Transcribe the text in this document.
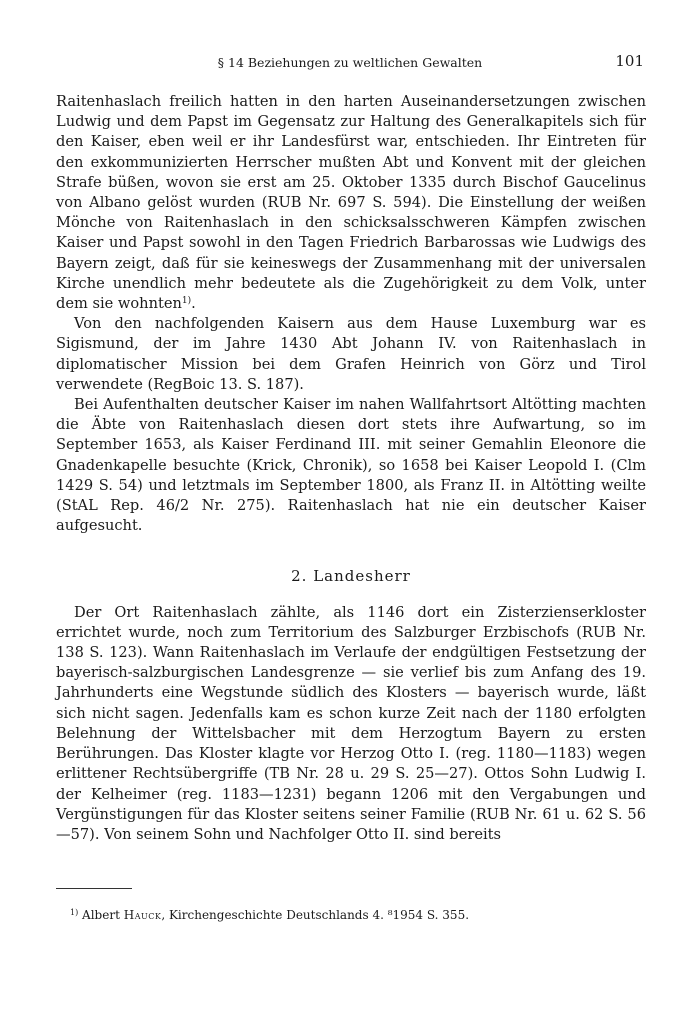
§ 14 Beziehungen zu weltlichen Gewalten	101

Raitenhaslach freilich hatten in den harten Auseinandersetzungen zwischen Ludwig und dem Papst im Gegensatz zur Haltung des Generalkapitels sich für den Kaiser, eben weil er ihr Landesfürst war, entschieden. Ihr Eintreten für den exkommunizierten Herrscher mußten Abt und Konvent mit der gleichen Strafe büßen, wovon sie erst am 25. Oktober 1335 durch Bischof Gaucelinus von Albano gelöst wurden (RUB Nr. 697 S. 594). Die Einstellung der weißen Mönche von Raitenhaslach in den schicksalsschweren Kämpfen zwischen Kaiser und Papst sowohl in den Tagen Friedrich Barbarossas wie Ludwigs des Bayern zeigt, daß für sie keineswegs der Zusammenhang mit der universalen Kirche unendlich mehr bedeutete als die Zugehörigkeit zu dem Volk, unter dem sie wohnten$^{1)}$.

Von den nachfolgenden Kaisern aus dem Hause Luxemburg war es Sigismund, der im Jahre 1430 Abt Johann IV. von Raitenhaslach in diplomatischer Mission bei dem Grafen Heinrich von Görz und Tirol verwendete (RegBoic 13. S. 187).

Bei Aufenthalten deutscher Kaiser im nahen Wallfahrtsort Altötting machten die Äbte von Raitenhaslach diesen dort stets ihre Aufwartung, so im September 1653, als Kaiser Ferdinand III. mit seiner Gemahlin Eleonore die Gnadenkapelle besuchte (Krick, Chronik), so 1658 bei Kaiser Leopold I. (Clm 1429 S. 54) und letztmals im September 1800, als Franz II. in Altötting weilte (StAL Rep. 46/2 Nr. 275). Raitenhaslach hat nie ein deutscher Kaiser aufgesucht.

2. Landesherr

Der Ort Raitenhaslach zählte, als 1146 dort ein Zisterzienserkloster errichtet wurde, noch zum Territorium des Salzburger Erzbischofs (RUB Nr. 138 S. 123). Wann Raitenhaslach im Verlaufe der endgültigen Festsetzung der bayerisch-salzburgischen Landesgrenze — sie verlief bis zum Anfang des 19. Jahrhunderts eine Wegstunde südlich des Klosters — bayerisch wurde, läßt sich nicht sagen. Jedenfalls kam es schon kurze Zeit nach der 1180 erfolgten Belehnung der Wittelsbacher mit dem Herzogtum Bayern zu ersten Berührungen. Das Kloster klagte vor Herzog Otto I. (reg. 1180—1183) wegen erlittener Rechtsübergriffe (TB Nr. 28 u. 29 S. 25—27). Ottos Sohn Ludwig I. der Kelheimer (reg. 1183—1231) begann 1206 mit den Vergabungen und Vergünstigungen für das Kloster seitens seiner Familie (RUB Nr. 61 u. 62 S. 56—57). Von seinem Sohn und Nachfolger Otto II. sind bereits

$^{1)}$ Albert Hauck, Kirchengeschichte Deutschlands 4. ⁸1954 S. 355.
